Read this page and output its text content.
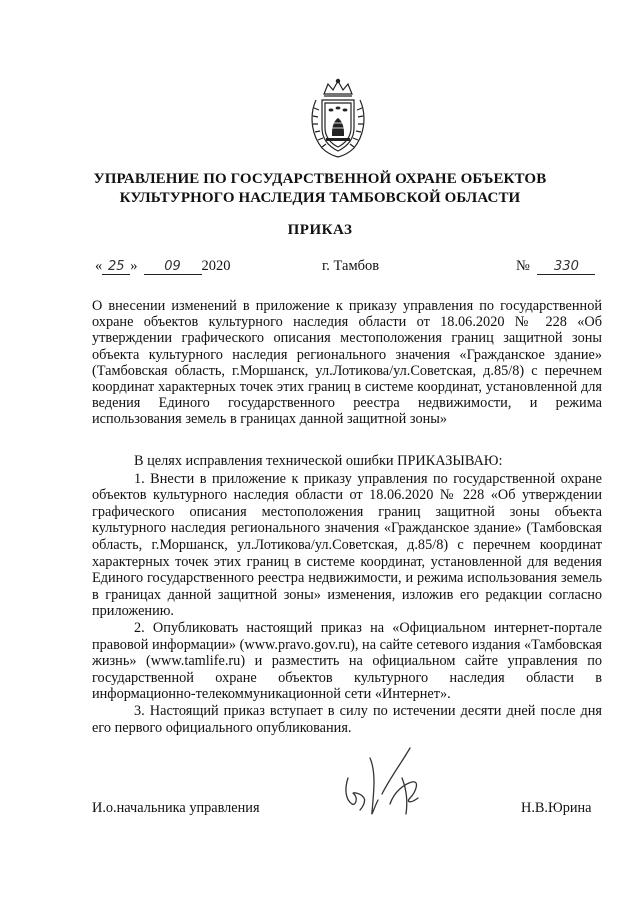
УПРАВЛЕНИЕ ПО ГОСУДАРСТВЕННОЙ ОХРАНЕ ОБЪЕКТОВ
КУЛЬТУРНОГО НАСЛЕДИЯ ТАМБОВСКОЙ ОБЛАСТИ
ПРИКАЗ
« 25 » 09 2020	г. Тамбов	№ 330
О внесении изменений в приложение к приказу управления по государственной охране объектов культурного наследия области от 18.06.2020 № 228 «Об утверждении графического описания местоположения границ защитной зоны объекта культурного наследия регионального значения «Гражданское здание» (Тамбовская область, г.Моршанск, ул.Лотикова/ул.Советская, д.85/8) с перечнем координат характерных точек этих границ в системе координат, установленной для ведения Единого государственного реестра недвижимости, и режима использования земель в границах данной защитной зоны»

В целях исправления технической ошибки ПРИКАЗЫВАЮ:

1. Внести в приложение к приказу управления по государственной охране объектов культурного наследия области от 18.06.2020 № 228 «Об утверждении графического описания местоположения границ защитной зоны объекта культурного наследия регионального значения «Гражданское здание» (Тамбовская область, г.Моршанск, ул.Лотикова/ул.Советская, д.85/8) с перечнем координат характерных точек этих границ в системе координат, установленной для ведения Единого государственного реестра недвижимости, и режима использования земель в границах данной защитной зоны» изменения, изложив его редакции согласно приложению.

2. Опубликовать настоящий приказ на «Официальном интернет-портале правовой информации» (www.pravo.gov.ru), на сайте сетевого издания «Тамбовская жизнь» (www.tamlife.ru) и разместить на официальном сайте управления по государственной охране объектов культурного наследия области в информационно-телекоммуникационной сети «Интернет».

3. Настоящий приказ вступает в силу по истечении десяти дней после дня его первого официального опубликования.

И.о.начальника управления	Н.В.Юрина
